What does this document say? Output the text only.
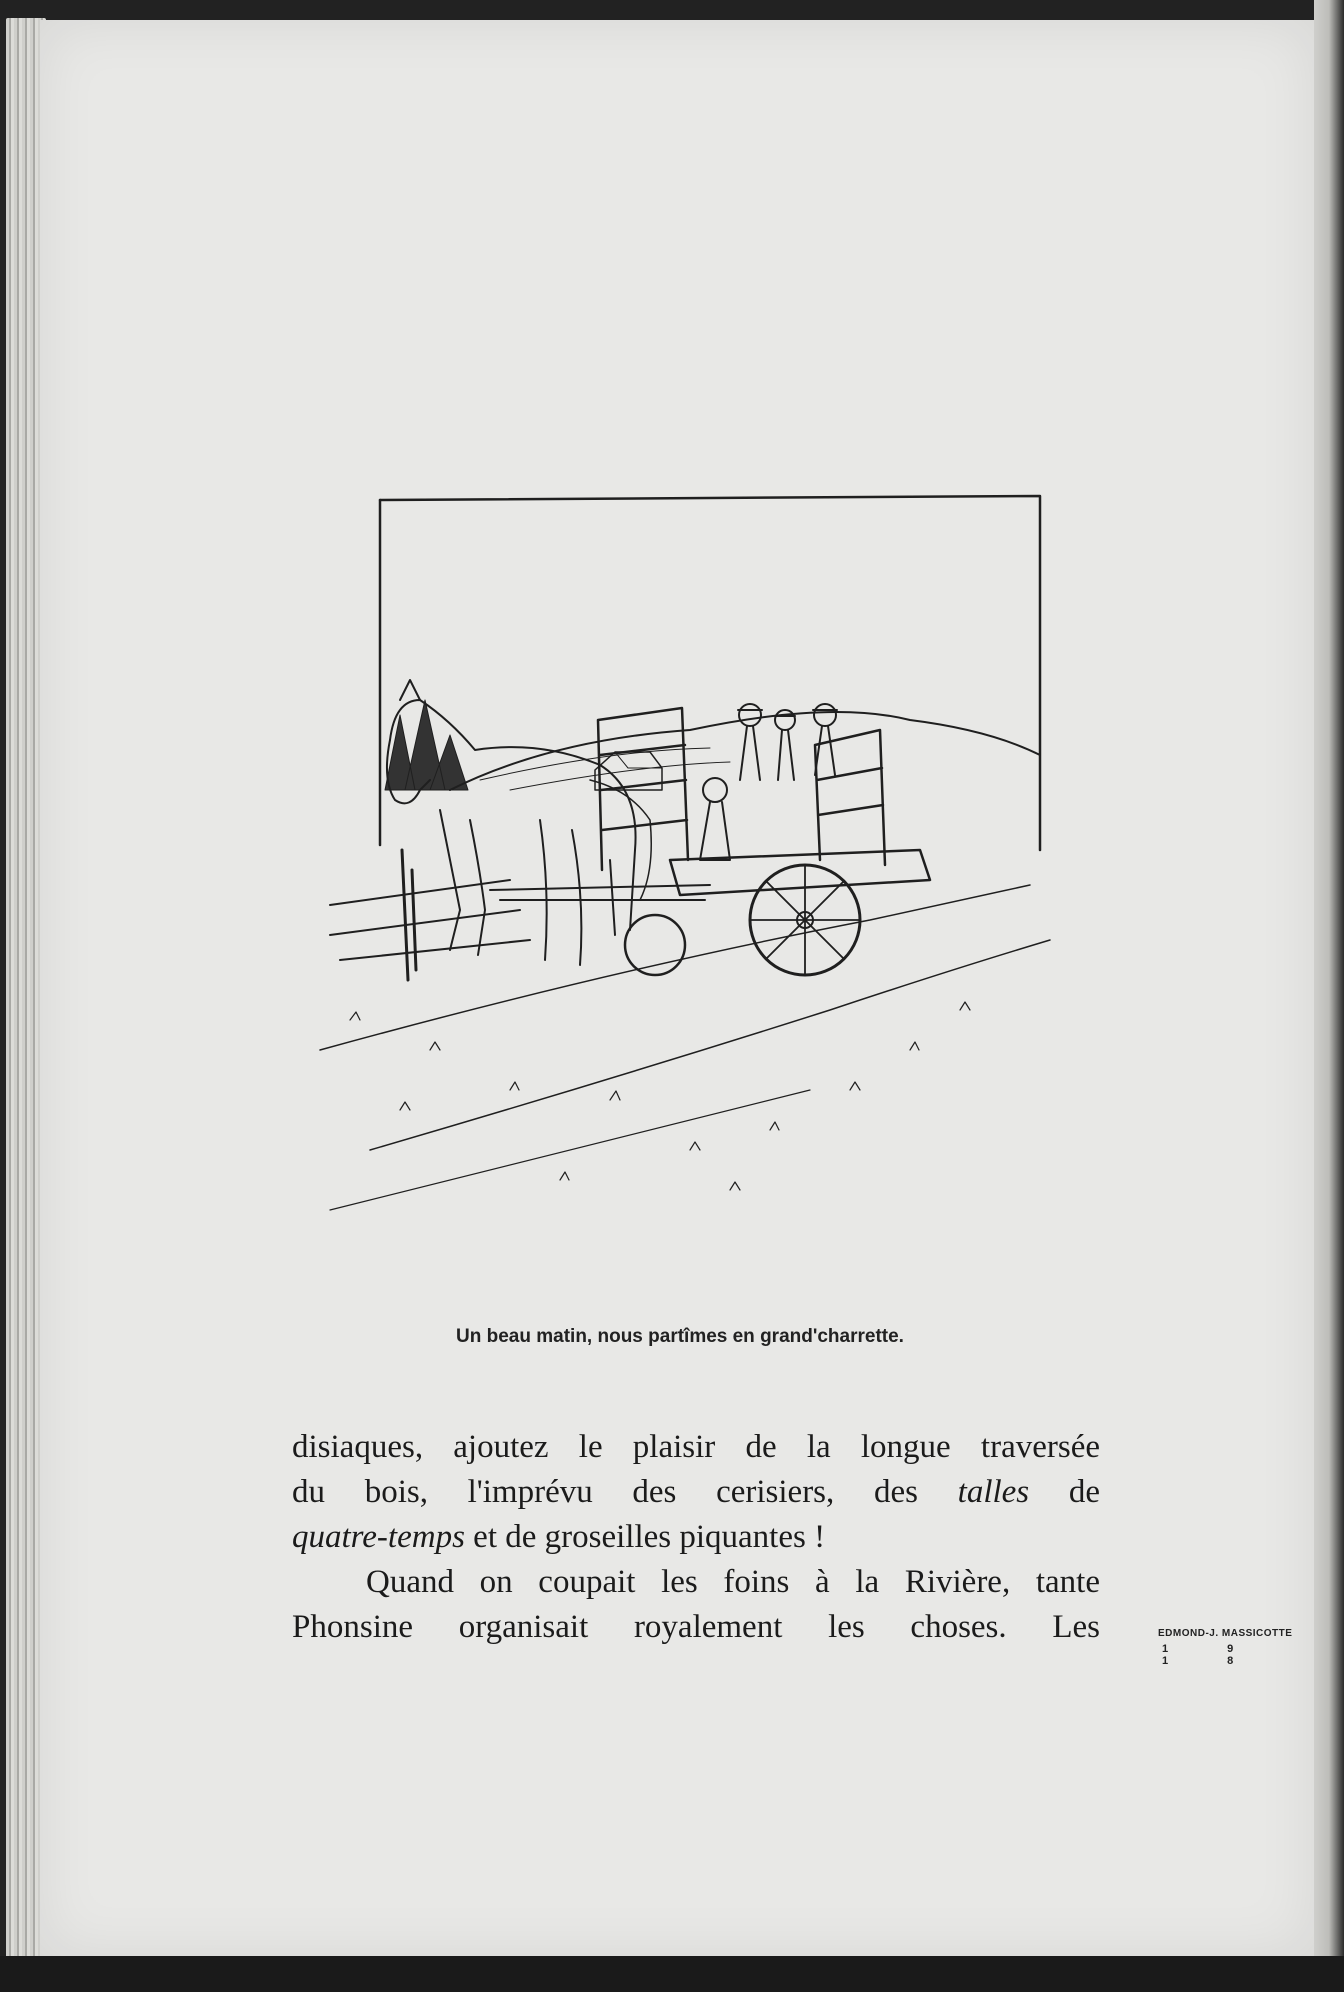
EDMOND-J. MASSICOTTE
1 9 1 8
Un beau matin, nous partîmes en grand'charrette.

disiaques, ajoutez le plaisir de la longue traversée

du bois, l'imprévu des cerisiers, des talles de

quatre-temps et de groseilles piquantes !

Quand on coupait les foins à la Rivière, tante

Phonsine organisait royalement les choses. Les
